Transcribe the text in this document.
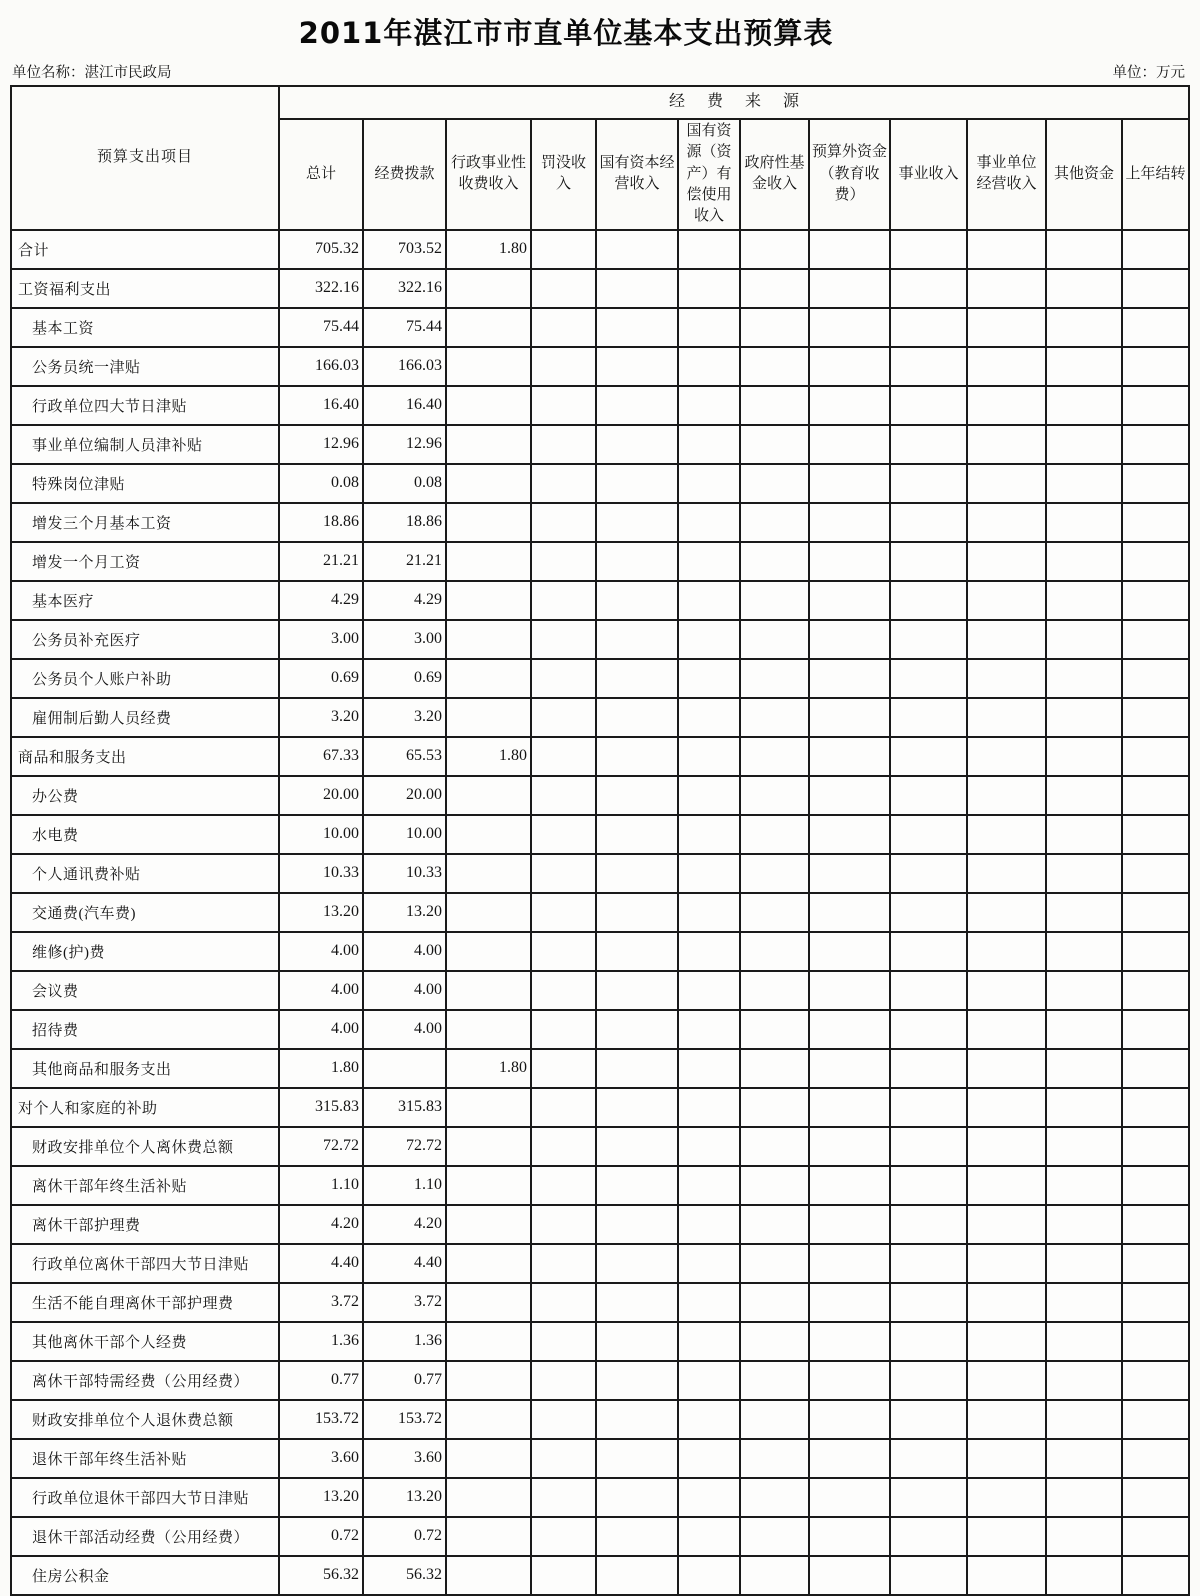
2011年湛江市市直单位基本支出预算表
单位名称：湛江市民政局	单位：万元
预算支出项目	经费来源											
	总计	经费拨款	行政事业性收费收入	罚没收入	国有资本经营收入	国有资源（资产）有偿使用收入	政府性基金收入	预算外资金（教育收费）	事业收入	事业单位经营收入	其他资金	上年结转
合计	705.32	703.52	1.80									
工资福利支出	322.16	322.16										
基本工资	75.44	75.44										
公务员统一津贴	166.03	166.03										
行政单位四大节日津贴	16.40	16.40										
事业单位编制人员津补贴	12.96	12.96										
特殊岗位津贴	0.08	0.08										
增发三个月基本工资	18.86	18.86										
增发一个月工资	21.21	21.21										
基本医疗	4.29	4.29										
公务员补充医疗	3.00	3.00										
公务员个人账户补助	0.69	0.69										
雇佣制后勤人员经费	3.20	3.20										
商品和服务支出	67.33	65.53	1.80									
办公费	20.00	20.00										
水电费	10.00	10.00										
个人通讯费补贴	10.33	10.33										
交通费(汽车费)	13.20	13.20										
维修(护)费	4.00	4.00										
会议费	4.00	4.00										
招待费	4.00	4.00										
其他商品和服务支出	1.80		1.80									
对个人和家庭的补助	315.83	315.83										
财政安排单位个人离休费总额	72.72	72.72										
离休干部年终生活补贴	1.10	1.10										
离休干部护理费	4.20	4.20										
行政单位离休干部四大节日津贴	4.40	4.40										
生活不能自理离休干部护理费	3.72	3.72										
其他离休干部个人经费	1.36	1.36										
离休干部特需经费（公用经费）	0.77	0.77										
财政安排单位个人退休费总额	153.72	153.72										
退休干部年终生活补贴	3.60	3.60										
行政单位退休干部四大节日津贴	13.20	13.20										
退休干部活动经费（公用经费）	0.72	0.72										
住房公积金	56.32	56.32										
